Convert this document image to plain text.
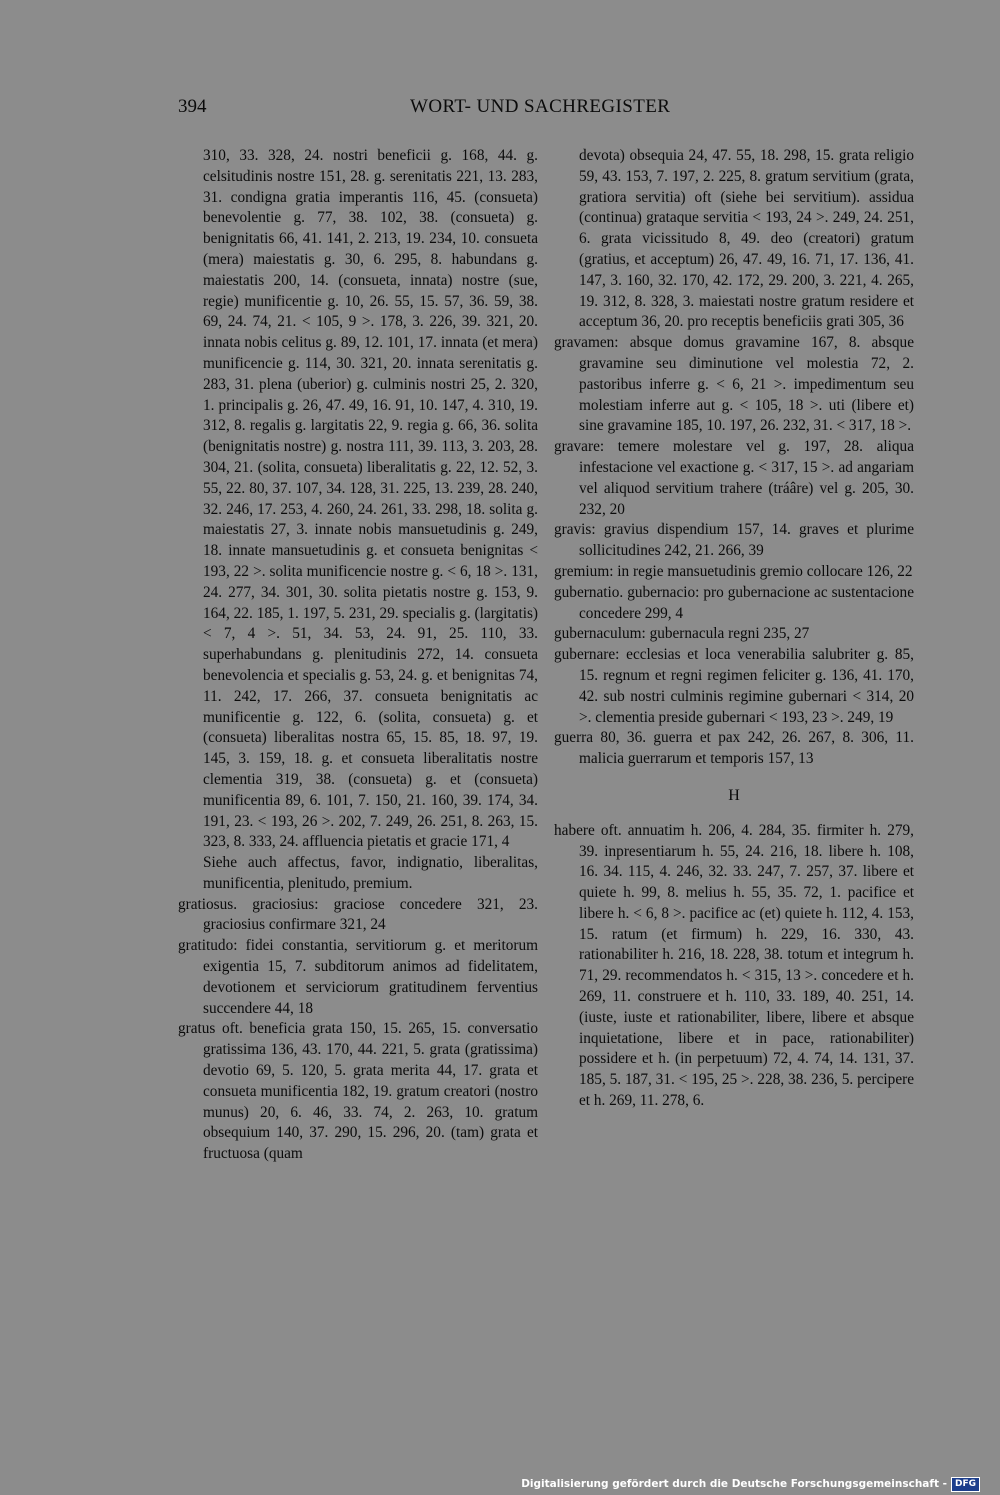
394	WORT- UND SACHREGISTER

310, 33. 328, 24. nostri beneficii g. 168, 44. g. celsitudinis nostre 151, 28. g. serenitatis 221, 13. 283, 31. condigna gratia imperantis 116, 45. (consueta) benevolentie g. 77, 38. 102, 38. (consueta) g. benignitatis 66, 41. 141, 2. 213, 19. 234, 10. consueta (mera) maiestatis g. 30, 6. 295, 8. habundans g. maiestatis 200, 14. (consueta, innata) nostre (sue, regie) munificentie g. 10, 26. 55, 15. 57, 36. 59, 38. 69, 24. 74, 21. < 105, 9 >. 178, 3. 226, 39. 321, 20. innata nobis celitus g. 89, 12. 101, 17. innata (et mera) munificencie g. 114, 30. 321, 20. innata serenitatis g. 283, 31. plena (uberior) g. culminis nostri 25, 2. 320, 1. principalis g. 26, 47. 49, 16. 91, 10. 147, 4. 310, 19. 312, 8. regalis g. largitatis 22, 9. regia g. 66, 36. solita (benignitatis nostre) g. nostra 111, 39. 113, 3. 203, 28. 304, 21. (solita, consueta) liberalitatis g. 22, 12. 52, 3. 55, 22. 80, 37. 107, 34. 128, 31. 225, 13. 239, 28. 240, 32. 246, 17. 253, 4. 260, 24. 261, 33. 298, 18. solita g. maiestatis 27, 3. innate nobis mansuetudinis g. 249, 18. innate mansuetudinis g. et consueta benignitas < 193, 22 >. solita munificencie nostre g. < 6, 18 >. 131, 24. 277, 34. 301, 30. solita pietatis nostre g. 153, 9. 164, 22. 185, 1. 197, 5. 231, 29. specialis g. (largitatis) < 7, 4 >. 51, 34. 53, 24. 91, 25. 110, 33. superhabundans g. plenitudinis 272, 14. consueta benevolencia et specialis g. 53, 24. g. et benignitas 74, 11. 242, 17. 266, 37. consueta benignitatis ac munificentie g. 122, 6. (solita, consueta) g. et (consueta) liberalitas nostra 65, 15. 85, 18. 97, 19. 145, 3. 159, 18. g. et consueta liberalitatis nostre clementia 319, 38. (consueta) g. et (consueta) munificentia 89, 6. 101, 7. 150, 21. 160, 39. 174, 34. 191, 23. < 193, 26 >. 202, 7. 249, 26. 251, 8. 263, 15. 323, 8. 333, 24. affluencia pietatis et gracie 171, 4

Siehe auch affectus, favor, indignatio, liberalitas, munificentia, plenitudo, premium.

gratiosus. graciosius: graciose concedere 321, 23. graciosius confirmare 321, 24

gratitudo: fidei constantia, servitiorum g. et meritorum exigentia 15, 7. subditorum animos ad fidelitatem, devotionem et serviciorum gratitudinem ferventius succendere 44, 18

gratus oft. beneficia grata 150, 15. 265, 15. conversatio gratissima 136, 43. 170, 44. 221, 5. grata (gratissima) devotio 69, 5. 120, 5. grata merita 44, 17. grata et consueta munificentia 182, 19. gratum creatori (nostro munus) 20, 6. 46, 33. 74, 2. 263, 10. gratum obsequium 140, 37. 290, 15. 296, 20. (tam) grata et fructuosa (quam

devota) obsequia 24, 47. 55, 18. 298, 15. grata religio 59, 43. 153, 7. 197, 2. 225, 8. gratum servitium (grata, gratiora servitia) oft (siehe bei servitium). assidua (continua) grataque servitia < 193, 24 >. 249, 24. 251, 6. grata vicissitudo 8, 49. deo (creatori) gratum (gratius, et acceptum) 26, 47. 49, 16. 71, 17. 136, 41. 147, 3. 160, 32. 170, 42. 172, 29. 200, 3. 221, 4. 265, 19. 312, 8. 328, 3. maiestati nostre gratum residere et acceptum 36, 20. pro receptis beneficiis grati 305, 36

gravamen: absque domus gravamine 167, 8. absque gravamine seu diminutione vel molestia 72, 2. pastoribus inferre g. < 6, 21 >. impedimentum seu molestiam inferre aut g. < 105, 18 >. uti (libere et) sine gravamine 185, 10. 197, 26. 232, 31. < 317, 18 >.

gravare: temere molestare vel g. 197, 28. aliqua infestacione vel exactione g. < 317, 15 >. ad angariam vel aliquod servitium trahere (tráâre) vel g. 205, 30. 232, 20

gravis: gravius dispendium 157, 14. graves et plurime sollicitudines 242, 21. 266, 39

gremium: in regie mansuetudinis gremio collocare 126, 22

gubernatio. gubernacio: pro gubernacione ac sustentacione concedere 299, 4

gubernaculum: gubernacula regni 235, 27

gubernare: ecclesias et loca venerabilia salubriter g. 85, 15. regnum et regni regimen feliciter g. 136, 41. 170, 42. sub nostri culminis regimine gubernari < 314, 20 >. clementia preside gubernari < 193, 23 >. 249, 19

guerra 80, 36. guerra et pax 242, 26. 267, 8. 306, 11. malicia guerrarum et temporis 157, 13

H

habere oft. annuatim h. 206, 4. 284, 35. firmiter h. 279, 39. inpresentiarum h. 55, 24. 216, 18. libere h. 108, 16. 34. 115, 4. 246, 32. 33. 247, 7. 257, 37. libere et quiete h. 99, 8. melius h. 55, 35. 72, 1. pacifice et libere h. < 6, 8 >. pacifice ac (et) quiete h. 112, 4. 153, 15. ratum (et firmum) h. 229, 16. 330, 43. rationabiliter h. 216, 18. 228, 38. totum et integrum h. 71, 29. recommendatos h. < 315, 13 >. concedere et h. 269, 11. construere et h. 110, 33. 189, 40. 251, 14. (iuste, iuste et rationabiliter, libere, libere et absque inquietatione, libere et in pace, rationabiliter) possidere et h. (in perpetuum) 72, 4. 74, 14. 131, 37. 185, 5. 187, 31. < 195, 25 >. 228, 38. 236, 5. percipere et h. 269, 11. 278, 6.

Digitalisierung gefördert durch die Deutsche Forschungsgemeinschaft - DFG
